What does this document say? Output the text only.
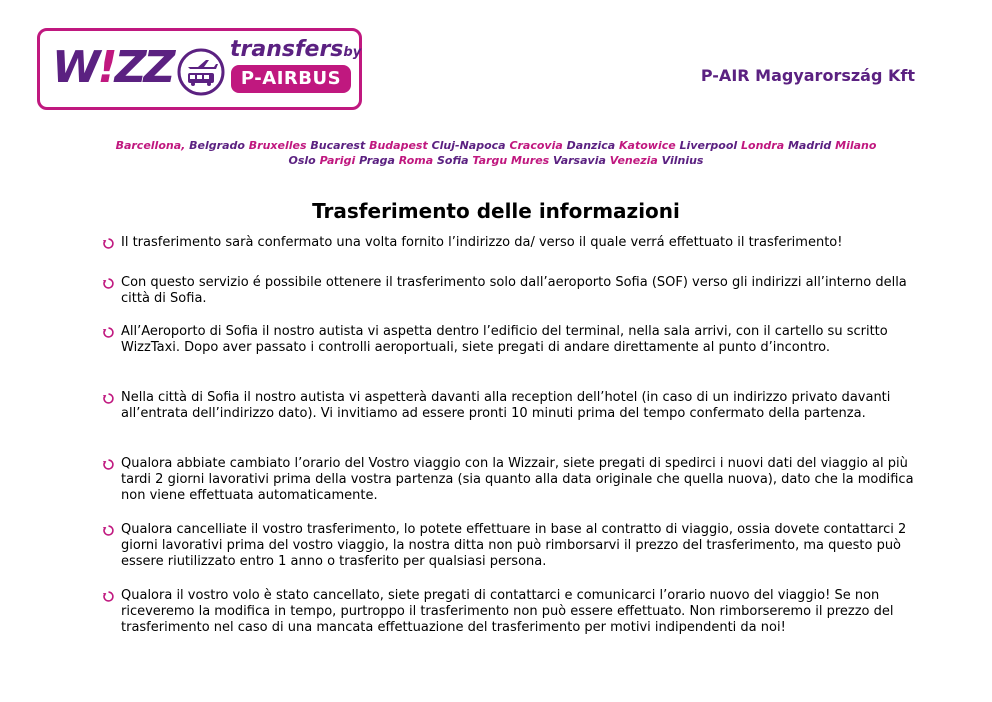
W!ZZ	transfersby
P-AIRBUS	P-AIR Magyarország Kft
Barcellona, Belgrado Bruxelles Bucarest Budapest Cluj-Napoca Cracovia Danzica Katowice Liverpool Londra Madrid Milano
Oslo Parigi Praga Roma Sofia Targu Mures Varsavia Venezia Vilnius
Trasferimento delle informazioni
Il trasferimento sarà confermato una volta fornito l’indirizzo da/ verso il quale verrá effettuato il trasferimento!
Con questo servizio é possibile ottenere il trasferimento solo dall’aeroporto Sofia (SOF) verso gli indirizzi all’interno della città di Sofia.
All’Aeroporto di Sofia il nostro autista vi aspetta dentro l’edificio del terminal, nella sala arrivi, con il cartello su scritto WizzTaxi. Dopo aver passato i controlli aeroportuali, siete pregati di andare direttamente al punto d’incontro.
Nella città di Sofia il nostro autista vi aspetterà davanti alla reception dell’hotel (in caso di un indirizzo privato davanti all’entrata dell’indirizzo dato). Vi invitiamo ad essere pronti 10 minuti prima del tempo confermato della partenza.
Qualora abbiate cambiato l’orario del Vostro viaggio con la Wizzair, siete pregati di spedirci i nuovi dati del viaggio al più tardi 2 giorni lavorativi prima della vostra partenza (sia quanto alla data originale che quella nuova), dato che la modifica non viene effettuata automaticamente.
Qualora cancelliate il vostro trasferimento, lo potete effettuare in base al contratto di viaggio, ossia dovete contattarci 2 giorni lavorativi prima del vostro viaggio, la nostra ditta non può rimborsarvi il prezzo del trasferimento, ma questo può essere riutilizzato entro 1 anno o trasferito per qualsiasi persona.
Qualora il vostro volo è stato cancellato, siete pregati di contattarci e comunicarci l’orario nuovo del viaggio! Se non riceveremo la modifica in tempo, purtroppo il trasferimento non può essere effettuato. Non rimborseremo il prezzo del trasferimento nel caso di una mancata effettuazione del trasferimento per motivi indipendenti da noi!
